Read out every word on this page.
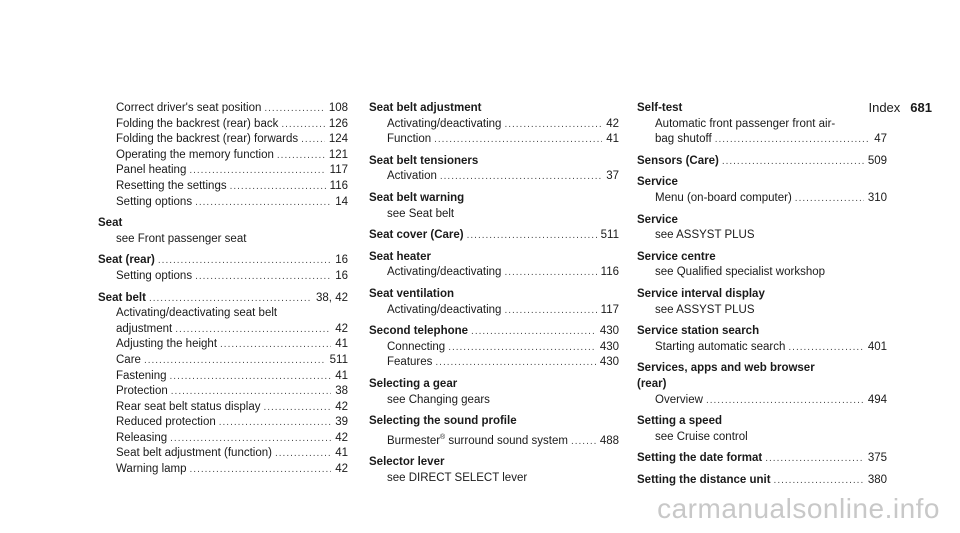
Index 681
Correct driver's seat position .....	108
Folding the backrest (rear) back .....	126
Folding the backrest (rear) forwards .....	124
Operating the memory function .....	121
Panel heating .....	117
Resetting the settings .....	116
Setting options .....	14
Seat
see Front passenger seat
Seat (rear) .....	16
Setting options .....	16
Seat belt .....	38, 42
Activating/deactivating seat belt
adjustment .....	42
Adjusting the height .....	41
Care .....	511
Fastening .....	41
Protection .....	38
Rear seat belt status display .....	42
Reduced protection .....	39
Releasing .....	42
Seat belt adjustment (function) .....	41
Warning lamp .....	42
Seat belt adjustment
Activating/deactivating .....	42
Function .....	41
Seat belt tensioners
Activation .....	37
Seat belt warning
see Seat belt
Seat cover (Care) .....	511
Seat heater
Activating/deactivating .....	116
Seat ventilation
Activating/deactivating .....	117
Second telephone .....	430
Connecting .....	430
Features .....	430
Selecting a gear
see Changing gears
Selecting the sound profile
Burmester® surround sound system .....	488
Selector lever
see DIRECT SELECT lever
Self-test
Automatic front passenger front air-
bag shutoff .....	47
Sensors (Care) .....	509
Service
Menu (on-board computer) .....	310
Service
see ASSYST PLUS
Service centre
see Qualified specialist workshop
Service interval display
see ASSYST PLUS
Service station search
Starting automatic search .....	401
Services, apps and web browser
(rear)
Overview .....	494
Setting a speed
see Cruise control
Setting the date format .....	375
Setting the distance unit .....	380
carmanualsonline.info
